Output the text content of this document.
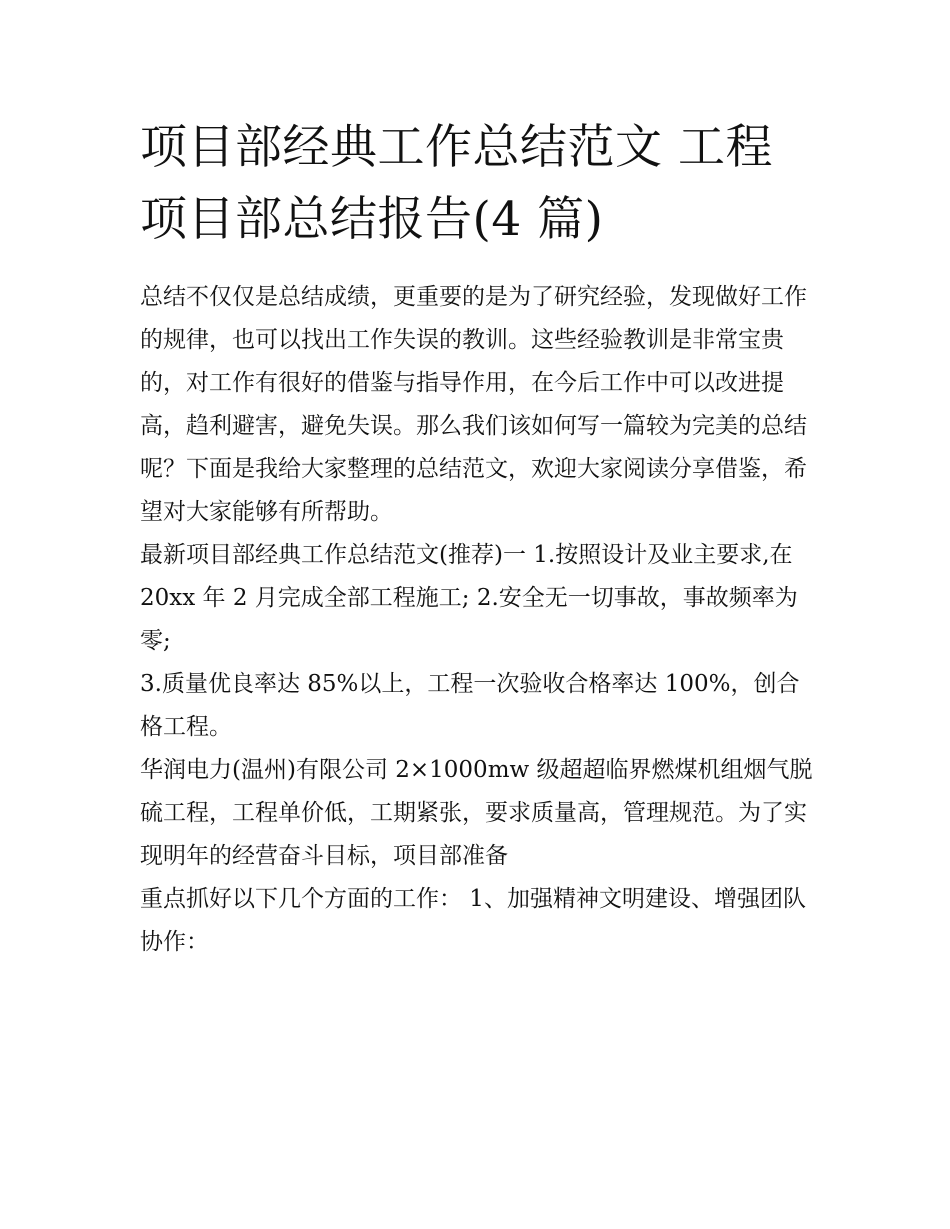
项目部经典工作总结范文 工程项目部总结报告(4 篇)

总结不仅仅是总结成绩，更重要的是为了研究经验，发现做好工作的规律，也可以找出工作失误的教训。这些经验教训是非常宝贵的，对工作有很好的借鉴与指导作用，在今后工作中可以改进提高，趋利避害，避免失误。那么我们该如何写一篇较为完美的总结呢？下面是我给大家整理的总结范文，欢迎大家阅读分享借鉴，希望对大家能够有所帮助。

最新项目部经典工作总结范文(推荐)一 1.按照设计及业主要求,在 20xx 年 2 月完成全部工程施工; 2.安全无一切事故，事故频率为零;

3.质量优良率达 85%以上，工程一次验收合格率达 100%，创合格工程。

华润电力(温州)有限公司 2×1000mw 级超超临界燃煤机组烟气脱硫工程，工程单价低，工期紧张，要求质量高，管理规范。为了实现明年的经营奋斗目标，项目部准备

重点抓好以下几个方面的工作： 1、加强精神文明建设、增强团队协作：
